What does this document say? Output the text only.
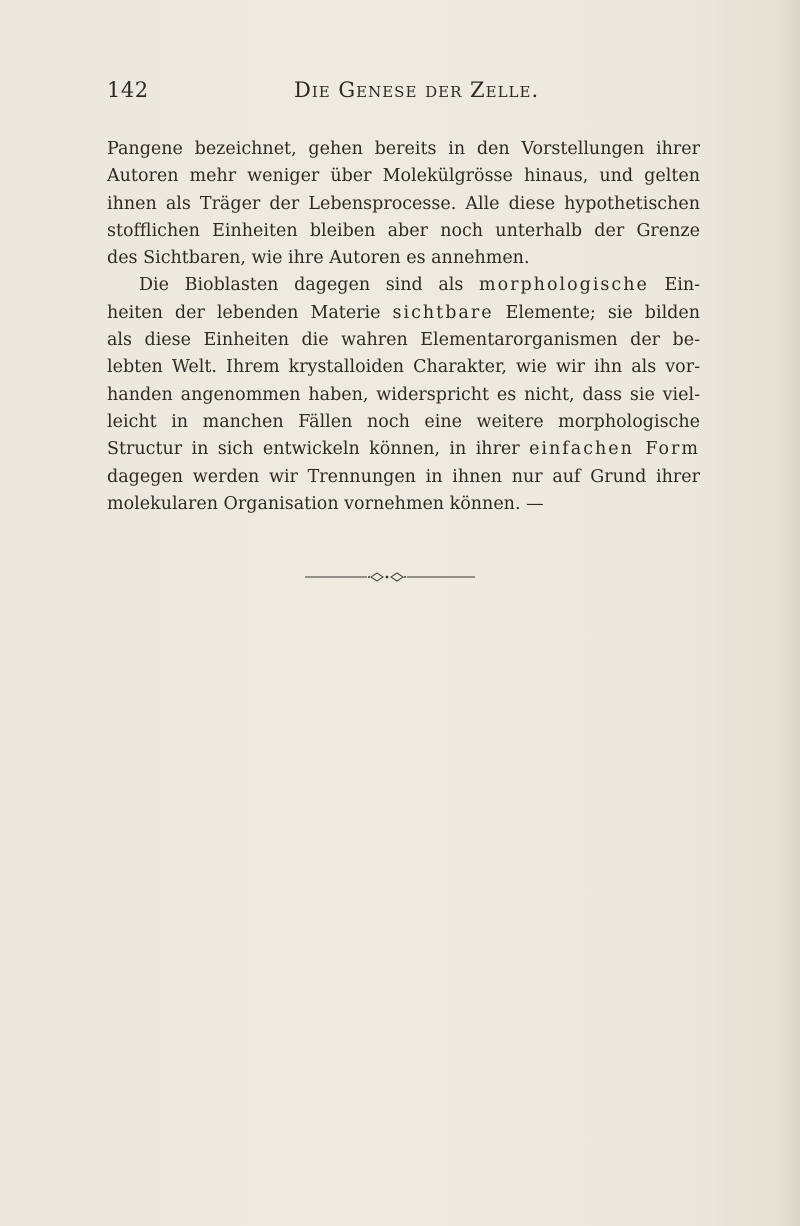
142	Die Genese der Zelle.
Pangene bezeichnet, gehen bereits in den Vorstellungen ihrer
Autoren mehr weniger über Molekülgrösse hinaus, und gelten
ihnen als Träger der Lebensprocesse. Alle diese hypothetischen
stofflichen Einheiten bleiben aber noch unterhalb der Grenze
des Sichtbaren, wie ihre Autoren es annehmen.
Die Bioblasten dagegen sind als morphologische Ein-
heiten der lebenden Materie sichtbare Elemente; sie bilden
als diese Einheiten die wahren Elementarorganismen der be-
lebten Welt. Ihrem krystalloiden Charakter, wie wir ihn als vor-
handen angenommen haben, widerspricht es nicht, dass sie viel-
leicht in manchen Fällen noch eine weitere morphologische
Structur in sich entwickeln können, in ihrer einfachen Form
dagegen werden wir Trennungen in ihnen nur auf Grund ihrer
molekularen Organisation vornehmen können. —
